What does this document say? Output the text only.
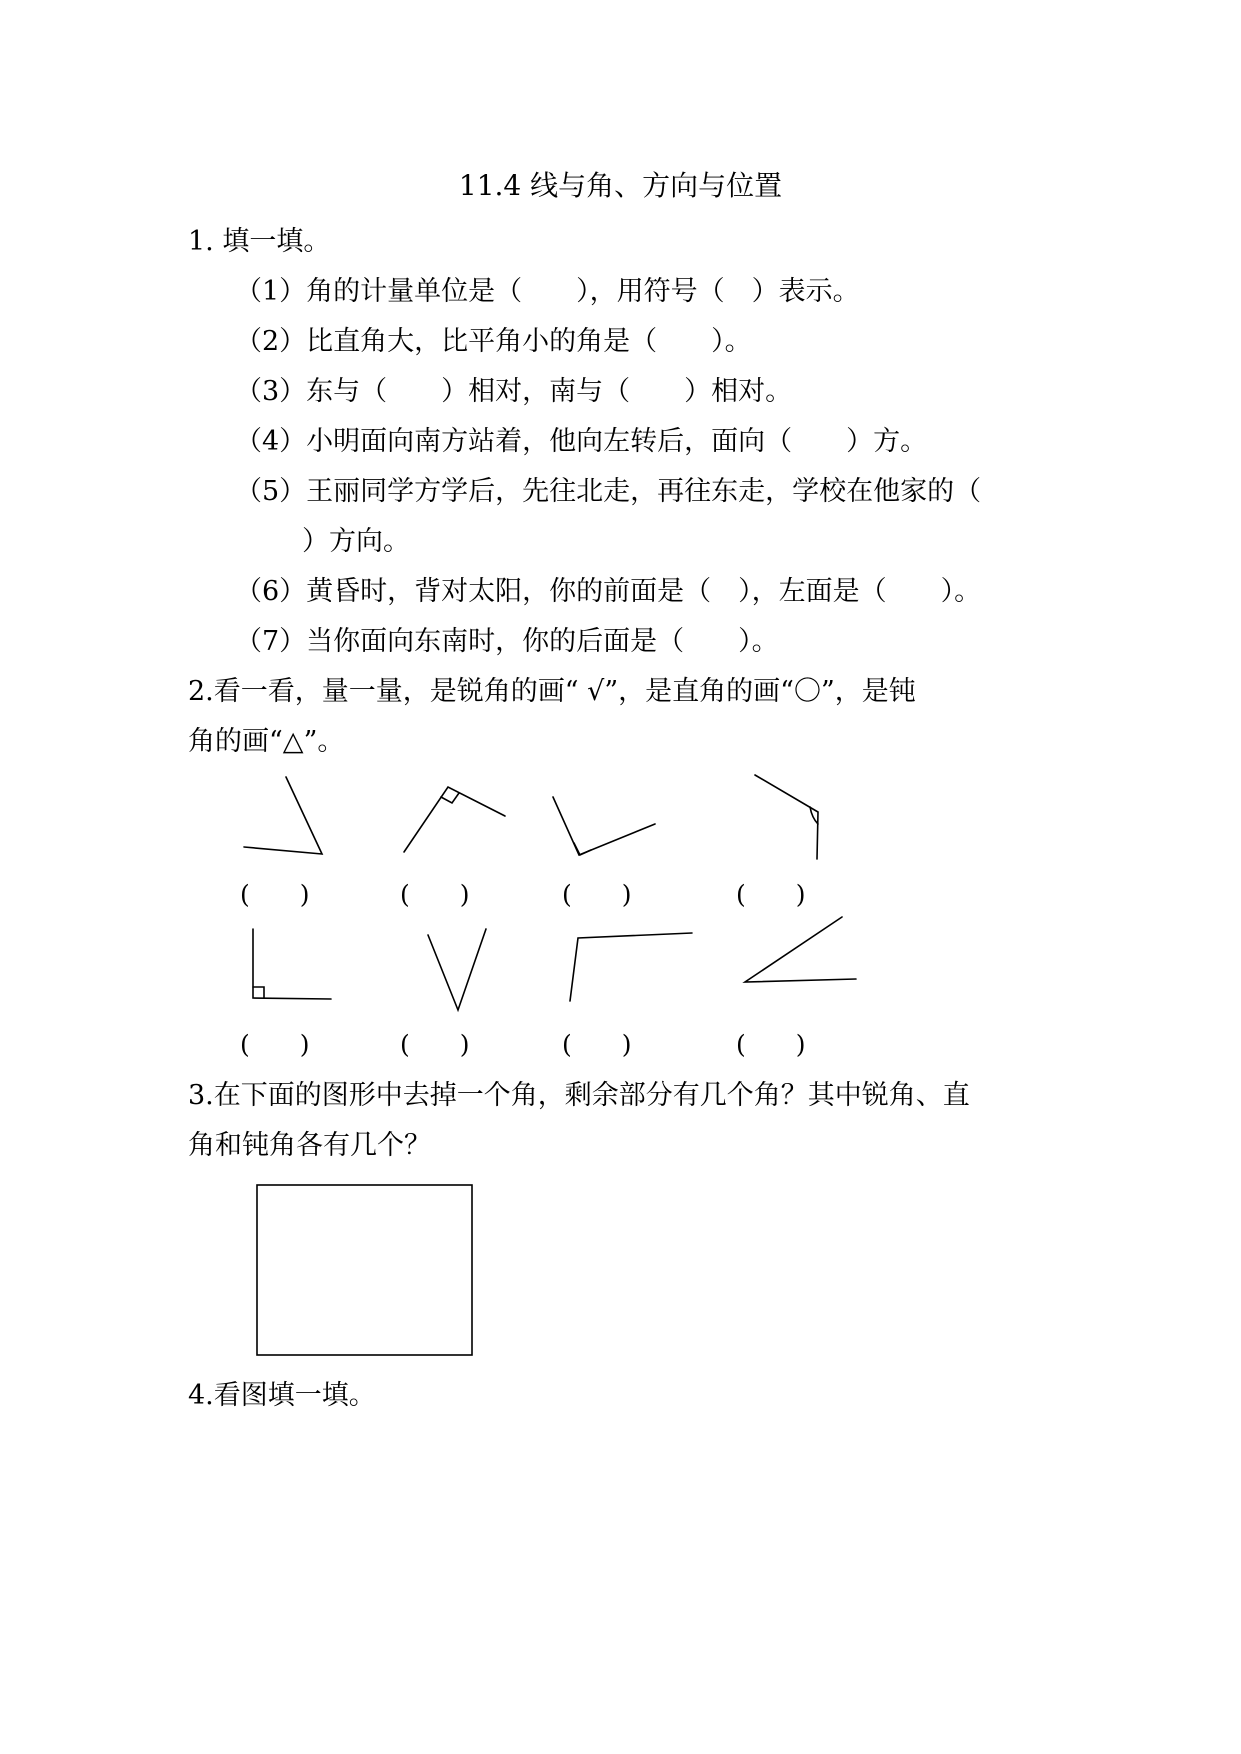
11.4 线与角、方向与位置
1. 填一填。
（1）角的计量单位是（　　），用符号（　）表示。
（2）比直角大，比平角小的角是（　　）。
（3）东与（　　）相对，南与（　　）相对。
（4）小明面向南方站着，他向左转后，面向（　　）方。
（5）王丽同学方学后，先往北走，再往东走，学校在他家的（
）方向。
（6）黄昏时，背对太阳，你的前面是（　），左面是（　　）。
（7）当你面向东南时，你的后面是（　　）。
2.看一看，量一量，是锐角的画“ √”，是直角的画“〇”，是钝
角的画“△”。
(　　)	(　　)	(　　)	(　　)
(　　)	(　　)	(　　)	(　　)
3.在下面的图形中去掉一个角，剩余部分有几个角？其中锐角、直
角和钝角各有几个？
4.看图填一填。
